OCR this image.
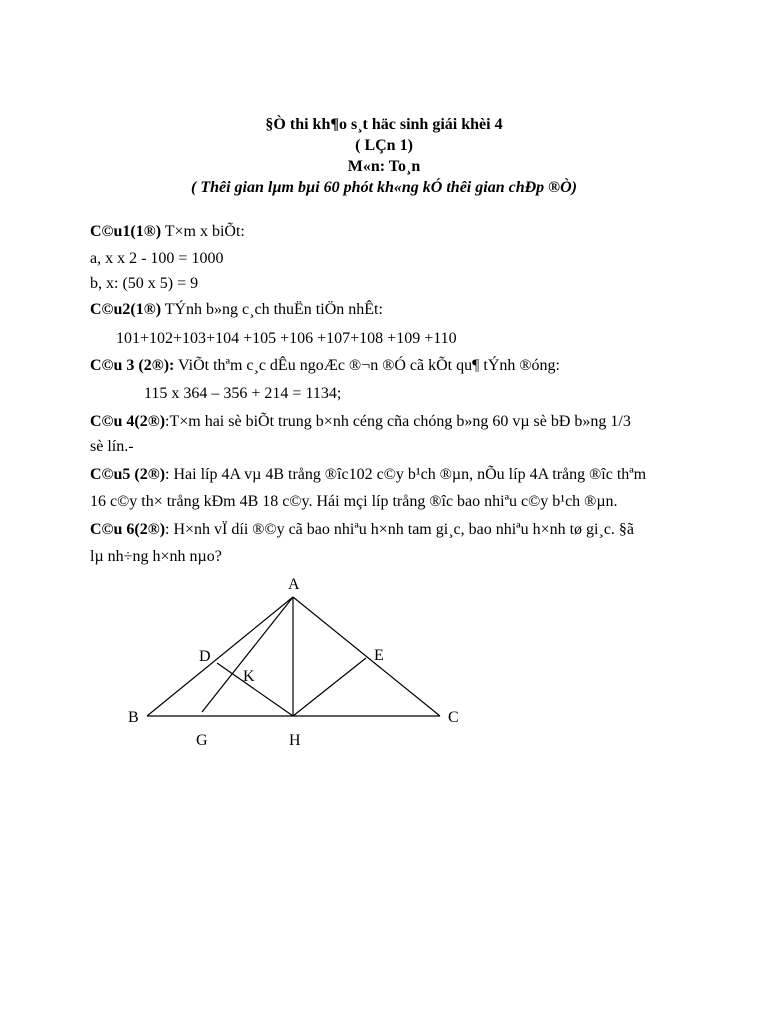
§Ò thi kh¶o s¸t häc sinh giái khèi 4
( LÇn 1)
M«n: To¸n
( Thêi gian lµm bµi 60 phót kh«ng kÓ thêi gian chÐp ®Ò)
C©u1(1®) T×m x biÕt:
a, x x 2 - 100 = 1000
b, x: (50 x 5) = 9
C©u2(1®) TÝnh b»ng c¸ch thuËn tiÖn nhÊt:
101+102+103+104 +105 +106 +107+108 +109 +110
C©u 3 (2®): ViÕt thªm c¸c dÊu ngoÆc ®¬n ®Ó cã kÕt qu¶ tÝnh ®óng:
115 x 364 – 356 + 214 = 1134;
C©u 4(2®):T×m hai sè biÕt trung b×nh céng cña chóng b»ng 60 vµ sè bÐ b»ng 1/3
sè lín.-
C©u5 (2®): Hai líp 4A vµ 4B trång ®îc102 c©y b¹ch ®µn, nÕu líp 4A trång ®îc thªm
16 c©y th× trång kÐm 4B 18 c©y. Hái mçi líp trång ®îc bao nhiªu c©y b¹ch ®µn.
C©u 6(2®): H×nh vÏ díi ®©y cã bao nhiªu h×nh tam gi¸c, bao nhiªu h×nh tø gi¸c. §ã
lµ nh÷ng h×nh nµo?
A
D	E
K
B	C
G	H
